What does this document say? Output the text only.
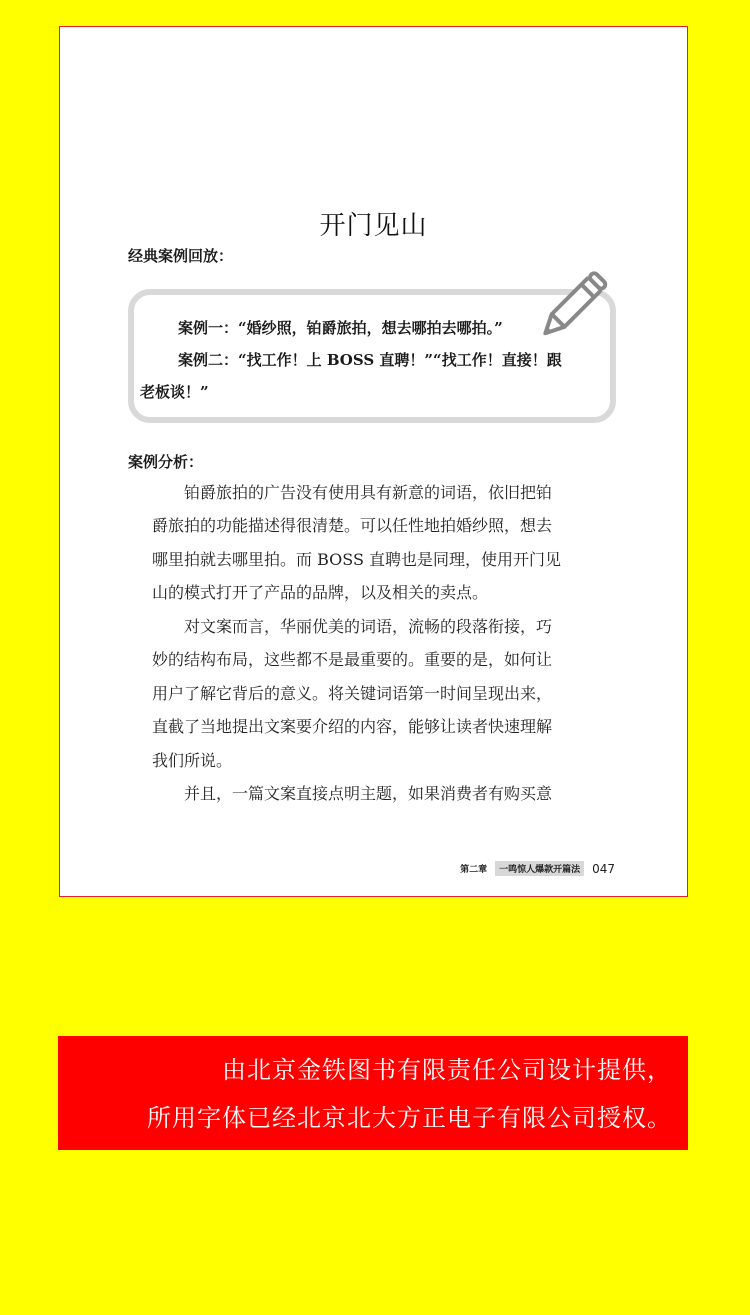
开门见山
经典案例回放：
案例一：“婚纱照，铂爵旅拍，想去哪拍去哪拍。”
案例二：“找工作！上 BOSS 直聘！”“找工作！直接！跟
老板谈！”
案例分析：
铂爵旅拍的广告没有使用具有新意的词语，依旧把铂
爵旅拍的功能描述得很清楚。可以任性地拍婚纱照，想去
哪里拍就去哪里拍。而 BOSS 直聘也是同理，使用开门见
山的模式打开了产品的品牌，以及相关的卖点。
对文案而言，华丽优美的词语，流畅的段落衔接，巧
妙的结构布局，这些都不是最重要的。重要的是，如何让
用户了解它背后的意义。将关键词语第一时间呈现出来，
直截了当地提出文案要介绍的内容，能够让读者快速理解
我们所说。
并且，一篇文案直接点明主题，如果消费者有购买意
第二章	一鸣惊人爆款开篇法	047
由北京金铁图书有限责任公司设计提供，
所用字体已经北京北大方正电子有限公司授权。
